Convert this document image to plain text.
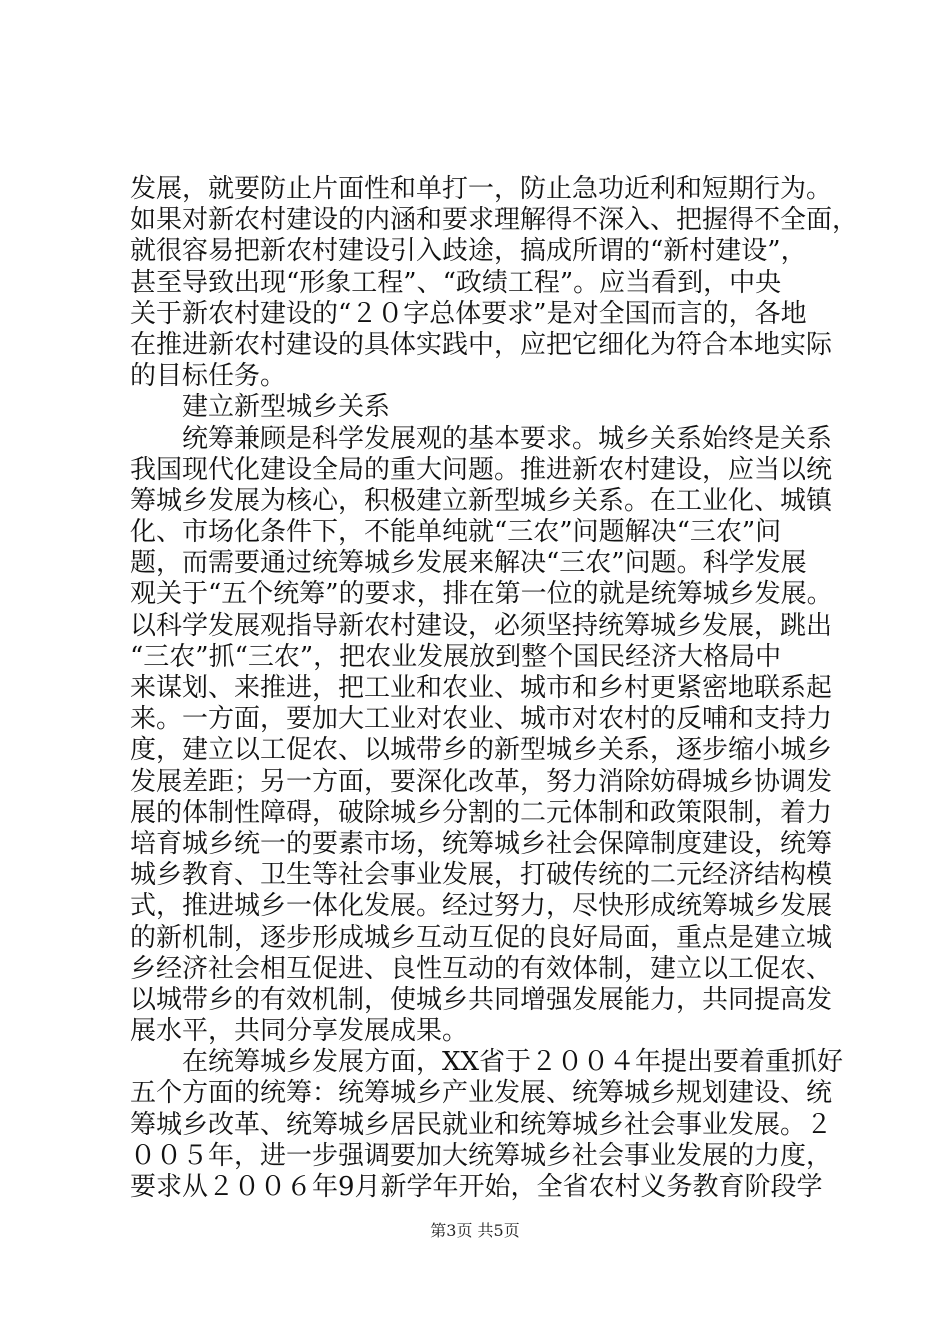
发展，就要防止片面性和单打一，防止急功近利和短期行为。
如果对新农村建设的内涵和要求理解得不深入、把握得不全面，
就很容易把新农村建设引入歧途，搞成所谓的“新村建设”，
甚至导致出现“形象工程”、“政绩工程”。应当看到，中央
关于新农村建设的“２０字总体要求”是对全国而言的，各地
在推进新农村建设的具体实践中，应把它细化为符合本地实际
的目标任务。
　　建立新型城乡关系
　　统筹兼顾是科学发展观的基本要求。城乡关系始终是关系
我国现代化建设全局的重大问题。推进新农村建设，应当以统
筹城乡发展为核心，积极建立新型城乡关系。在工业化、城镇
化、市场化条件下，不能单纯就“三农”问题解决“三农”问
题，而需要通过统筹城乡发展来解决“三农”问题。科学发展
观关于“五个统筹”的要求，排在第一位的就是统筹城乡发展。
以科学发展观指导新农村建设，必须坚持统筹城乡发展，跳出
“三农”抓“三农”，把农业发展放到整个国民经济大格局中
来谋划、来推进，把工业和农业、城市和乡村更紧密地联系起
来。一方面，要加大工业对农业、城市对农村的反哺和支持力
度，建立以工促农、以城带乡的新型城乡关系，逐步缩小城乡
发展差距；另一方面，要深化改革，努力消除妨碍城乡协调发
展的体制性障碍，破除城乡分割的二元体制和政策限制，着力
培育城乡统一的要素市场，统筹城乡社会保障制度建设，统筹
城乡教育、卫生等社会事业发展，打破传统的二元经济结构模
式，推进城乡一体化发展。经过努力，尽快形成统筹城乡发展
的新机制，逐步形成城乡互动互促的良好局面，重点是建立城
乡经济社会相互促进、良性互动的有效体制，建立以工促农、
以城带乡的有效机制，使城乡共同增强发展能力，共同提高发
展水平，共同分享发展成果。
　　在统筹城乡发展方面，XX省于２００４年提出要着重抓好
五个方面的统筹：统筹城乡产业发展、统筹城乡规划建设、统
筹城乡改革、统筹城乡居民就业和统筹城乡社会事业发展。２
００５年，进一步强调要加大统筹城乡社会事业发展的力度，
要求从２００６年9月新学年开始，全省农村义务教育阶段学
第3页 共5页
